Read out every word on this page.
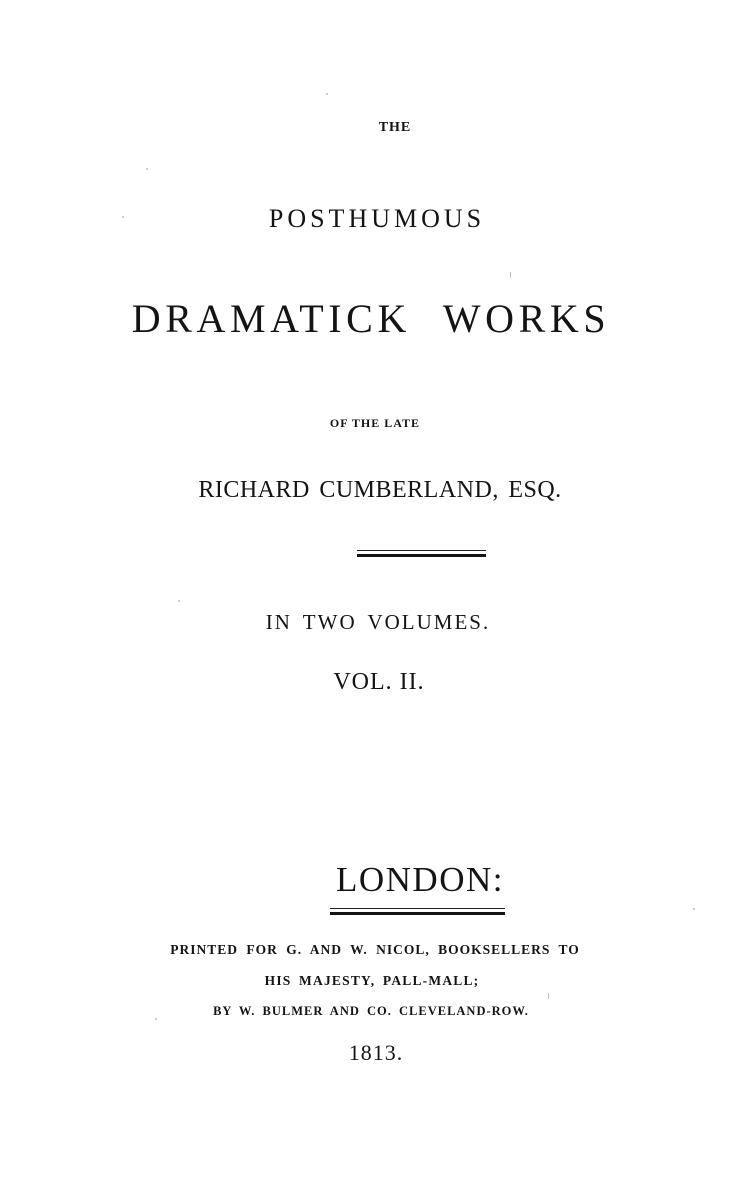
THE
POSTHUMOUS
DRAMATICK WORKS
OF THE LATE
RICHARD CUMBERLAND, ESQ.
IN TWO VOLUMES.
VOL. II.
LONDON:
PRINTED FOR G. AND W. NICOL, BOOKSELLERS TO
HIS MAJESTY, PALL-MALL;
BY W. BULMER AND CO. CLEVELAND-ROW.
1813.
